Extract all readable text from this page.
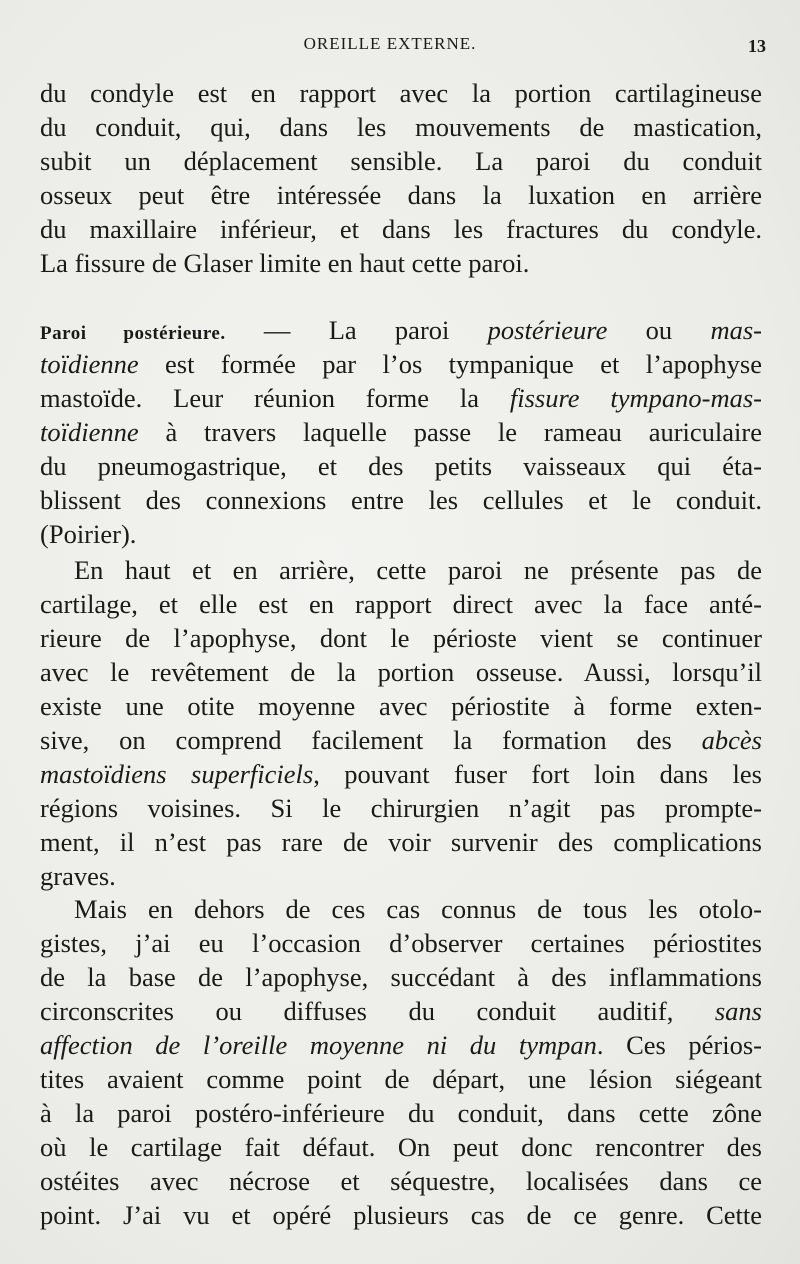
OREILLE EXTERNE.	13
du condyle est en rapport avec la portion cartilagineuse
du conduit, qui, dans les mouvements de mastication,
subit un déplacement sensible. La paroi du conduit
osseux peut être intéressée dans la luxation en arrière
du maxillaire inférieur, et dans les fractures du condyle.
La fissure de Glaser limite en haut cette paroi.
Paroi postérieure. — La paroi postérieure ou mas-
toïdienne est formée par l’os tympanique et l’apophyse
mastoïde. Leur réunion forme la fissure tympano-mas-
toïdienne à travers laquelle passe le rameau auriculaire
du pneumogastrique, et des petits vaisseaux qui éta-
blissent des connexions entre les cellules et le conduit.
(Poirier).
En haut et en arrière, cette paroi ne présente pas de
cartilage, et elle est en rapport direct avec la face anté-
rieure de l’apophyse, dont le périoste vient se continuer
avec le revêtement de la portion osseuse. Aussi, lorsqu’il
existe une otite moyenne avec périostite à forme exten-
sive, on comprend facilement la formation des abcès
mastoïdiens superficiels, pouvant fuser fort loin dans les
régions voisines. Si le chirurgien n’agit pas prompte-
ment, il n’est pas rare de voir survenir des complications
graves.
Mais en dehors de ces cas connus de tous les otolo-
gistes, j’ai eu l’occasion d’observer certaines périostites
de la base de l’apophyse, succédant à des inflammations
circonscrites ou diffuses du conduit auditif, sans
affection de l’oreille moyenne ni du tympan. Ces périos-
tites avaient comme point de départ, une lésion siégeant
à la paroi postéro-inférieure du conduit, dans cette zône
où le cartilage fait défaut. On peut donc rencontrer des
ostéites avec nécrose et séquestre, localisées dans ce
point. J’ai vu et opéré plusieurs cas de ce genre. Cette
